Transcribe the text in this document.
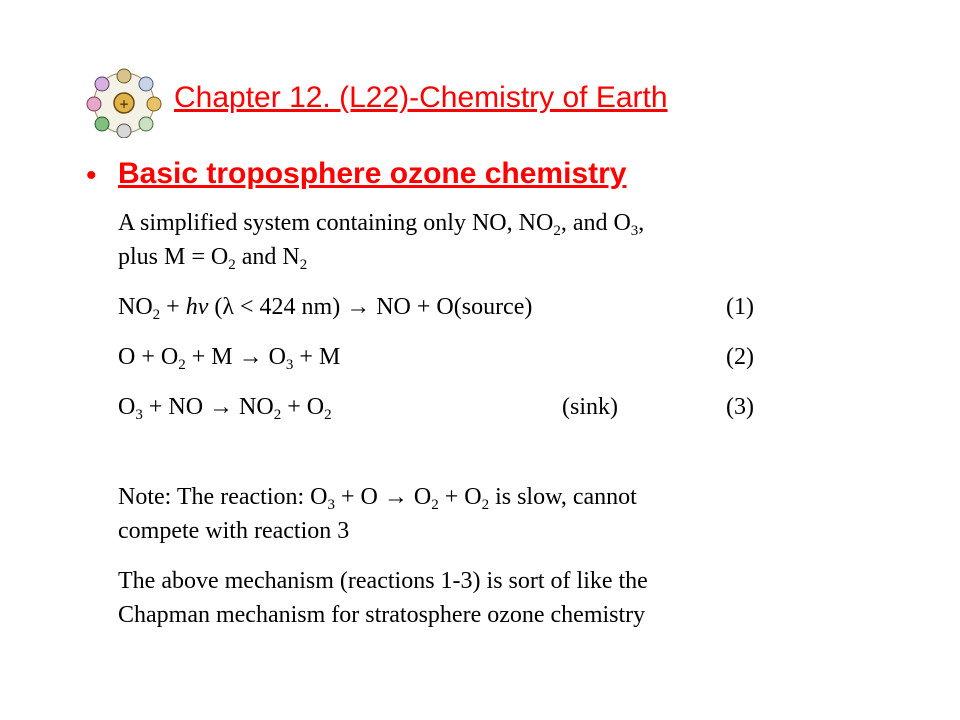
+ Chapter 12. (L22)-Chemistry of Earth
• Basic troposphere ozone chemistry
A simplified system containing only NO, $NO_2$, and $O_3$,
plus $M = O_2$ and $N_2$
$NO_2$ + hv (λ < 424 nm) → NO + O(source)	(1)
$O + O_2 + M \to O_3 + M$	(2)
$O_3$ + NO → $NO_2 + O_2$	(sink)	(3)
Note: The reaction: $O_3 + O \to O_2 + O_2$ is slow, cannot
compete with reaction 3
The above mechanism (reactions 1-3) is sort of like the
Chapman mechanism for stratosphere ozone chemistry
